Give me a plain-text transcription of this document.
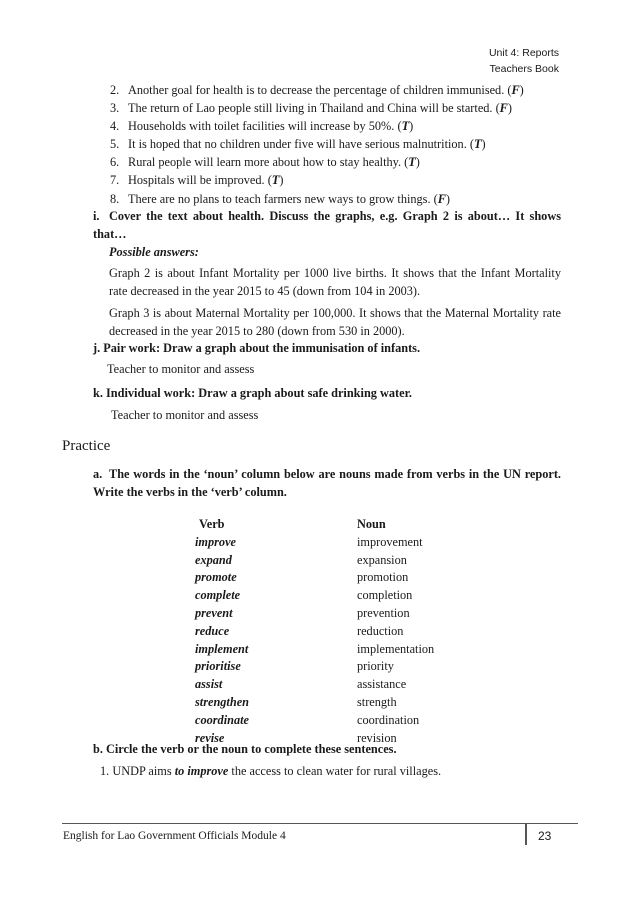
Unit 4: Reports
Teachers Book
2. Another goal for health is to decrease the percentage of children immunised. (F)
3. The return of Lao people still living in Thailand and China will be started. (F)
4. Households with toilet facilities will increase by 50%. (T)
5. It is hoped that no children under five will have serious malnutrition. (T)
6. Rural people will learn more about how to stay healthy. (T)
7. Hospitals will be improved. (T)
8. There are no plans to teach farmers new ways to grow things. (F)
i. Cover the text about health. Discuss the graphs, e.g. Graph 2 is about… It shows that…
Possible answers:
Graph 2 is about Infant Mortality per 1000 live births. It shows that the Infant Mortality rate decreased in the year 2015 to 45 (down from 104 in 2003).
Graph 3 is about Maternal Mortality per 100,000. It shows that the Maternal Mortality rate decreased in the year 2015 to 280 (down from 530 in 2000).
j. Pair work: Draw a graph about the immunisation of infants.
Teacher to monitor and assess
k. Individual work: Draw a graph about safe drinking water.
Teacher to monitor and assess
Practice
a. The words in the ‘noun’ column below are nouns made from verbs in the UN report. Write the verbs in the ‘verb’ column.
Verb
improve
expand
promote
complete
prevent
reduce
implement
prioritise
assist
strengthen
coordinate
revise
Noun
improvement
expansion
promotion
completion
prevention
reduction
implementation
priority
assistance
strength
coordination
revision
b. Circle the verb or the noun to complete these sentences.
1. UNDP aims to improve the access to clean water for rural villages.
English for Lao Government Officials Module 4	23
